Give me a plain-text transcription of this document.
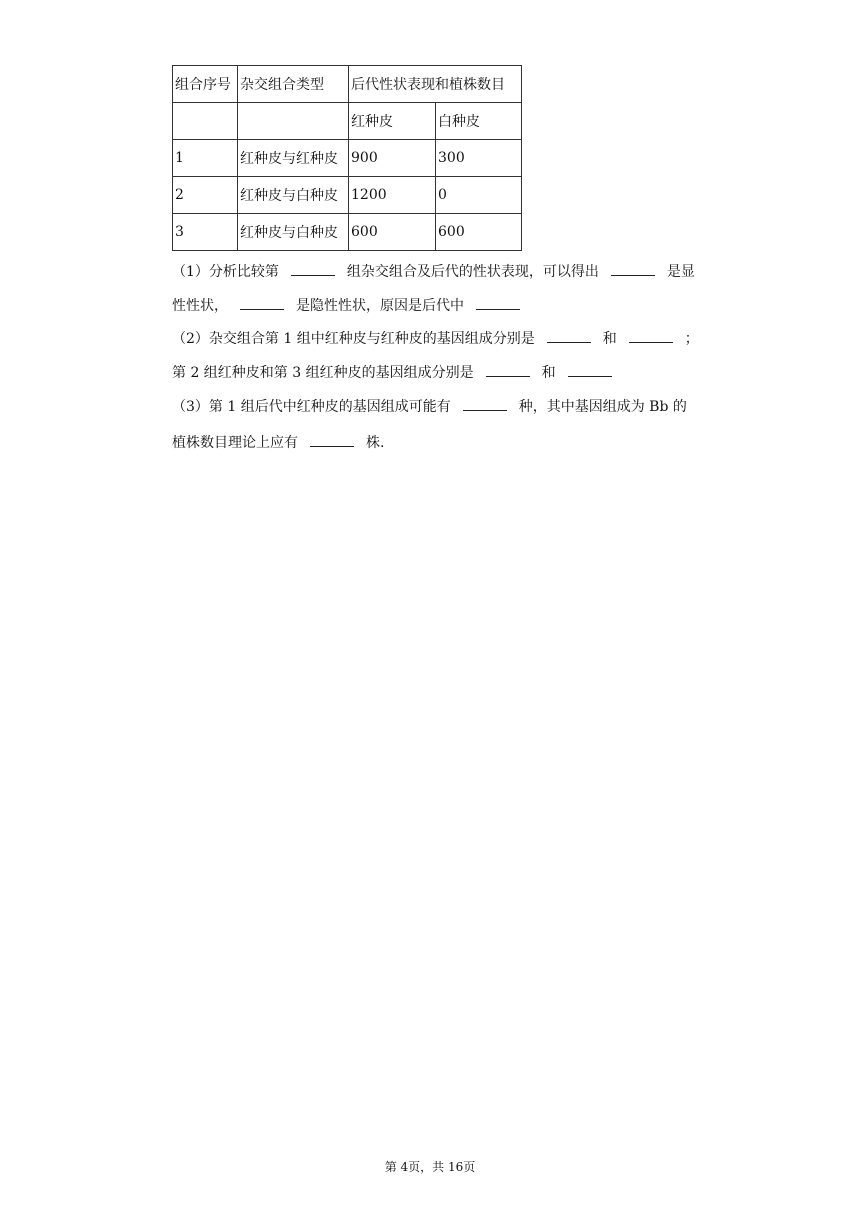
组合序号	杂交组合类型	后代性状表现和植株数目	
		红种皮	白种皮
1	红种皮与红种皮	900	300
2	红种皮与白种皮	1200	0
3	红种皮与白种皮	600	600
（1）分析比较第	组杂交组合及后代的性状表现，可以得出	是显
性性状，	是隐性性状，原因是后代中
（2）杂交组合第 1 组中红种皮与红种皮的基因组成分别是	和	；
第 2 组红种皮和第 3 组红种皮的基因组成分别是	和
（3）第 1 组后代中红种皮的基因组成可能有	种，其中基因组成为 Bb 的
植株数目理论上应有	株.
第 4页，共 16页
